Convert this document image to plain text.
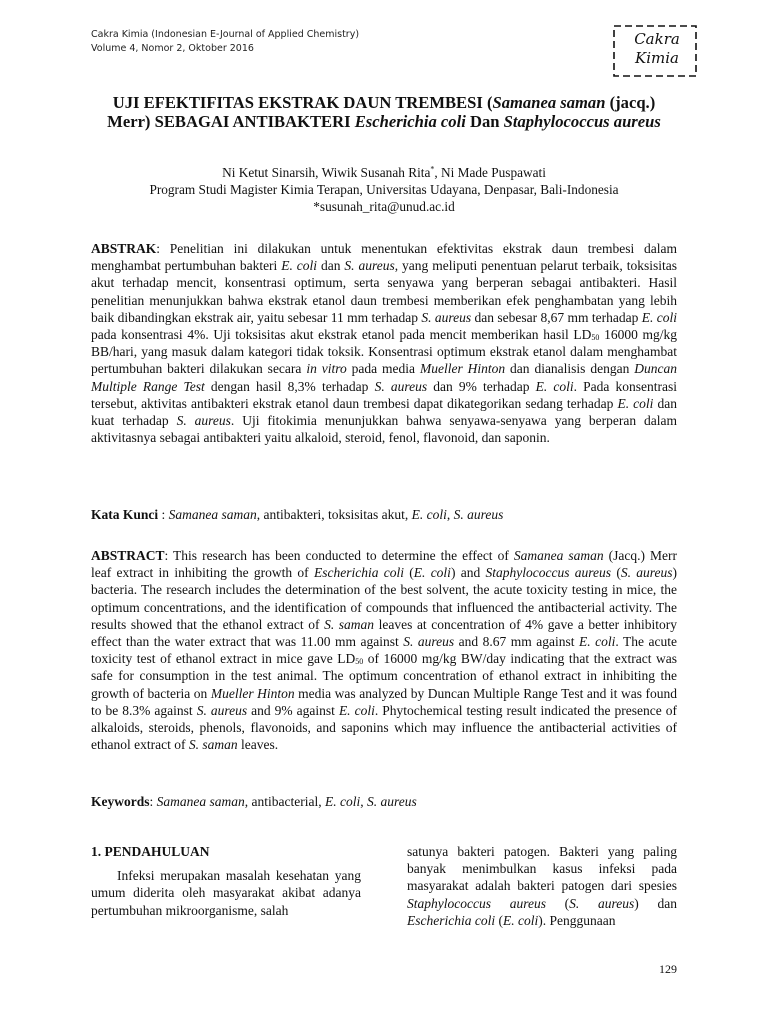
Cakra Kimia (Indonesian E-Journal of Applied Chemistry)
Volume 4, Nomor 2, Oktober 2016
Cakra
Kimia
UJI EFEKTIFITAS EKSTRAK DAUN TREMBESI (Samanea saman (jacq.) Merr) SEBAGAI ANTIBAKTERI Escherichia coli Dan Staphylococcus aureus
Ni Ketut Sinarsih, Wiwik Susanah Rita*, Ni Made Puspawati
Program Studi Magister Kimia Terapan, Universitas Udayana, Denpasar, Bali-Indonesia
*susunah_rita@unud.ac.id
ABSTRAK: Penelitian ini dilakukan untuk menentukan efektivitas ekstrak daun trembesi dalam menghambat pertumbuhan bakteri E. coli dan S. aureus, yang meliputi penentuan pelarut terbaik, toksisitas akut terhadap mencit, konsentrasi optimum, serta senyawa yang berperan sebagai antibakteri. Hasil penelitian menunjukkan bahwa ekstrak etanol daun trembesi memberikan efek penghambatan yang lebih baik dibandingkan ekstrak air, yaitu sebesar 11 mm terhadap S. aureus dan sebesar 8,67 mm terhadap E. coli pada konsentrasi 4%. Uji toksisitas akut ekstrak etanol pada mencit memberikan hasil $LD_{50}$ 16000 mg/kg BB/hari, yang masuk dalam kategori tidak toksik. Konsentrasi optimum ekstrak etanol dalam menghambat pertumbuhan bakteri dilakukan secara in vitro pada media Mueller Hinton dan dianalisis dengan Duncan Multiple Range Test dengan hasil 8,3% terhadap S. aureus dan 9% terhadap E. coli. Pada konsentrasi tersebut, aktivitas antibakteri ekstrak etanol daun trembesi dapat dikategorikan sedang terhadap E. coli dan kuat terhadap S. aureus. Uji fitokimia menunjukkan bahwa senyawa-senyawa yang berperan dalam aktivitasnya sebagai antibakteri yaitu alkaloid, steroid, fenol, flavonoid, dan saponin.
Kata Kunci : Samanea saman, antibakteri, toksisitas akut, E. coli, S. aureus
ABSTRACT: This research has been conducted to determine the effect of Samanea saman (Jacq.) Merr leaf extract in inhibiting the growth of Escherichia coli (E. coli) and Staphylococcus aureus (S. aureus) bacteria. The research includes the determination of the best solvent, the acute toxicity testing in mice, the optimum concentrations, and the identification of compounds that influenced the antibacterial activity. The results showed that the ethanol extract of S. saman leaves at concentration of 4% gave a better inhibitory effect than the water extract that was 11.00 mm against S. aureus and 8.67 mm against E. coli. The acute toxicity test of ethanol extract in mice gave $LD_{50}$ of 16000 mg/kg BW/day indicating that the extract was safe for consumption in the test animal. The optimum concentration of ethanol extract in inhibiting the growth of bacteria on Mueller Hinton media was analyzed by Duncan Multiple Range Test and it was found to be 8.3% against S. aureus and 9% against E. coli. Phytochemical testing result indicated the presence of alkaloids, steroids, phenols, flavonoids, and saponins which may influence the antibacterial activities of ethanol extract of S. saman leaves.
Keywords: Samanea saman, antibacterial, E. coli, S. aureus
1. PENDAHULUAN
Infeksi merupakan masalah kesehatan yang umum diderita oleh masyarakat akibat adanya pertumbuhan mikroorganisme, salah
satunya bakteri patogen. Bakteri yang paling banyak menimbulkan kasus infeksi pada masyarakat adalah bakteri patogen dari spesies Staphylococcus aureus (S. aureus) dan Escherichia coli (E. coli). Penggunaan
129
